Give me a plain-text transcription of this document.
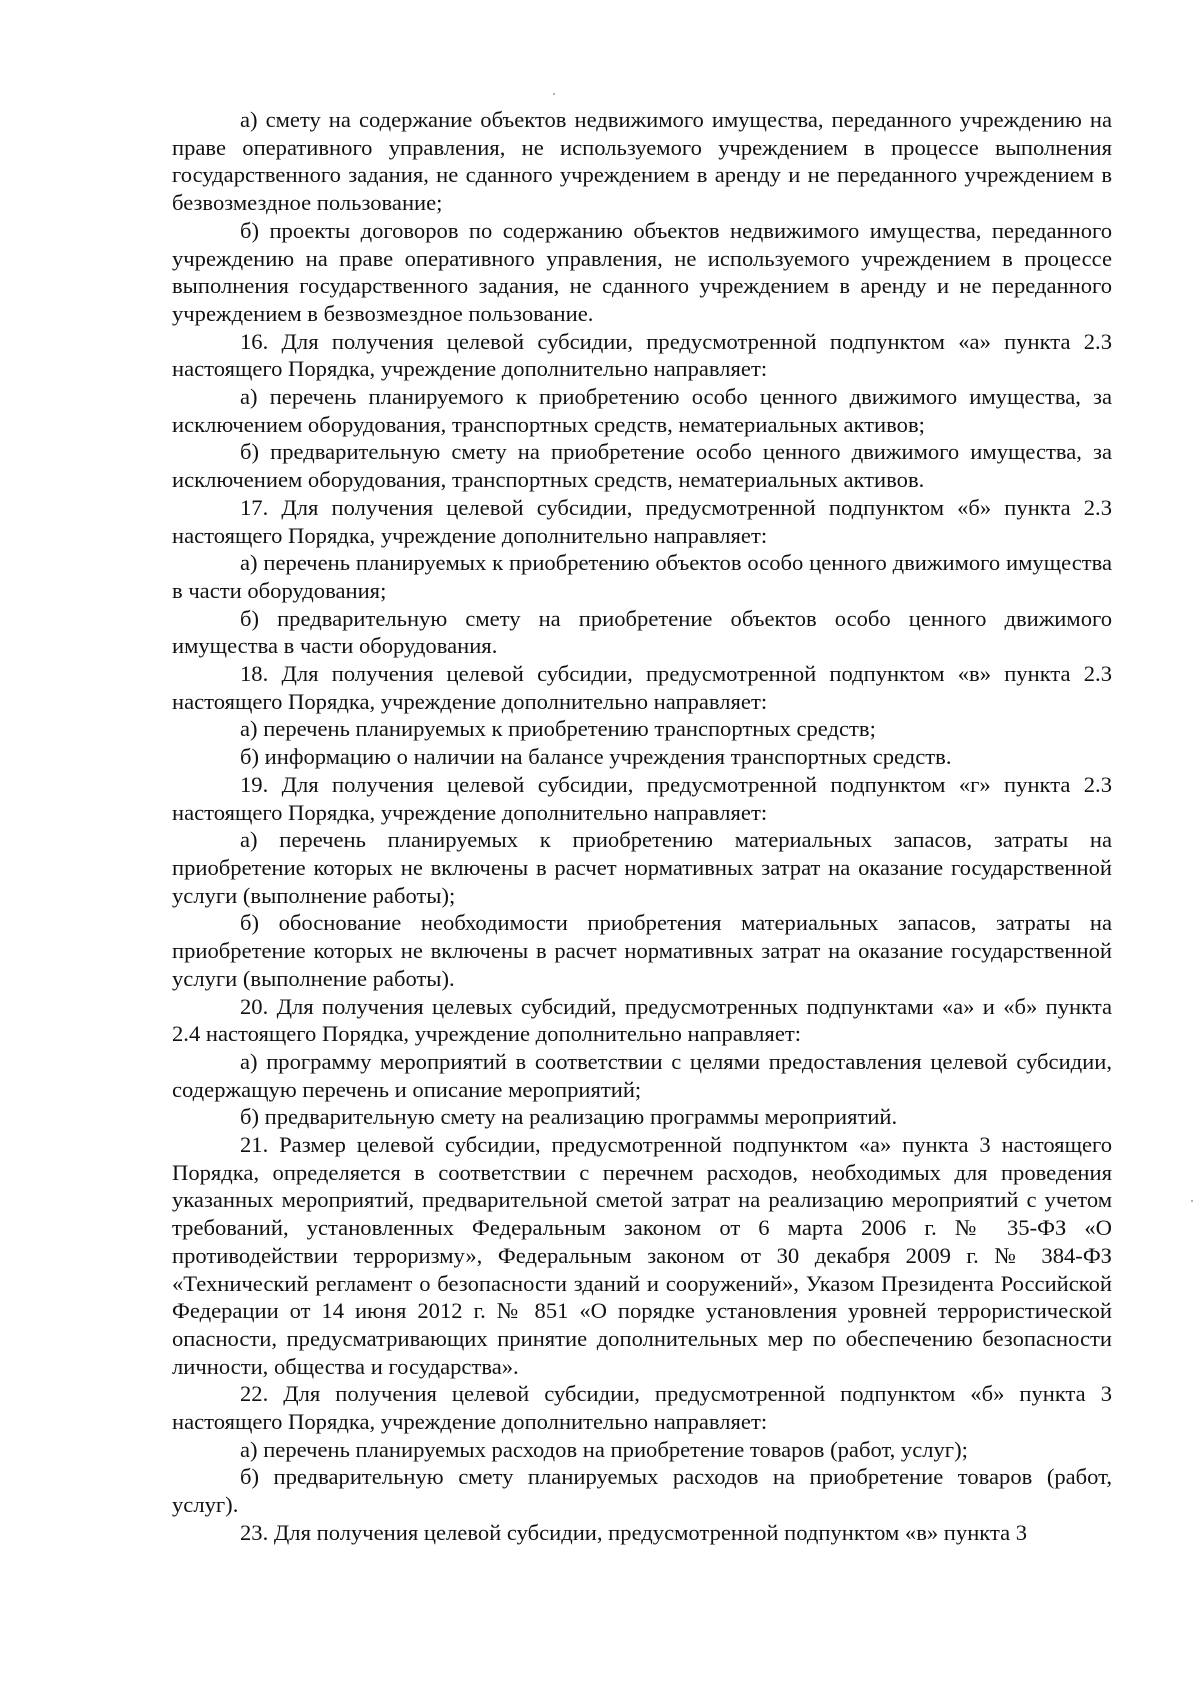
а) смету на содержание объектов недвижимого имущества, переданного учреждению на праве оперативного управления, не используемого учреждением в процессе выполнения государственного задания, не сданного учреждением в аренду и не переданного учреждением в безвозмездное пользование;

б) проекты договоров по содержанию объектов недвижимого имущества, переданного учреждению на праве оперативного управления, не используемого учреждением в процессе выполнения государственного задания, не сданного учреждением в аренду и не переданного учреждением в безвозмездное пользование.

16. Для получения целевой субсидии, предусмотренной подпунктом «а» пункта 2.3 настоящего Порядка, учреждение дополнительно направляет:

а) перечень планируемого к приобретению особо ценного движимого имущества, за исключением оборудования, транспортных средств, нематериальных активов;

б) предварительную смету на приобретение особо ценного движимого имущества, за исключением оборудования, транспортных средств, нематериальных активов.

17. Для получения целевой субсидии, предусмотренной подпунктом «б» пункта 2.3 настоящего Порядка, учреждение дополнительно направляет:

а) перечень планируемых к приобретению объектов особо ценного движимого имущества в части оборудования;

б) предварительную смету на приобретение объектов особо ценного движимого имущества в части оборудования.

18. Для получения целевой субсидии, предусмотренной подпунктом «в» пункта 2.3 настоящего Порядка, учреждение дополнительно направляет:

а) перечень планируемых к приобретению транспортных средств;

б) информацию о наличии на балансе учреждения транспортных средств.

19. Для получения целевой субсидии, предусмотренной подпунктом «г» пункта 2.3 настоящего Порядка, учреждение дополнительно направляет:

а) перечень планируемых к приобретению материальных запасов, затраты на приобретение которых не включены в расчет нормативных затрат на оказание государственной услуги (выполнение работы);

б) обоснование необходимости приобретения материальных запасов, затраты на приобретение которых не включены в расчет нормативных затрат на оказание государственной услуги (выполнение работы).

20. Для получения целевых субсидий, предусмотренных подпунктами «а» и «б» пункта 2.4 настоящего Порядка, учреждение дополнительно направляет:

а) программу мероприятий в соответствии с целями предоставления целевой субсидии, содержащую перечень и описание мероприятий;

б) предварительную смету на реализацию программы мероприятий.

21. Размер целевой субсидии, предусмотренной подпунктом «а» пункта 3 настоящего Порядка, определяется в соответствии с перечнем расходов, необходимых для проведения указанных мероприятий, предварительной сметой затрат на реализацию мероприятий с учетом требований, установленных Федеральным законом от 6 марта 2006 г. № 35-ФЗ «О противодействии терроризму», Федеральным законом от 30 декабря 2009 г. № 384-ФЗ «Технический регламент о безопасности зданий и сооружений», Указом Президента Российской Федерации от 14 июня 2012 г. № 851 «О порядке установления уровней террористической опасности, предусматривающих принятие дополнительных мер по обеспечению безопасности личности, общества и государства».

22. Для получения целевой субсидии, предусмотренной подпунктом «б» пункта 3 настоящего Порядка, учреждение дополнительно направляет:

а) перечень планируемых расходов на приобретение товаров (работ, услуг);

б) предварительную смету планируемых расходов на приобретение товаров (работ, услуг).

23. Для получения целевой субсидии, предусмотренной подпунктом «в» пункта 3
